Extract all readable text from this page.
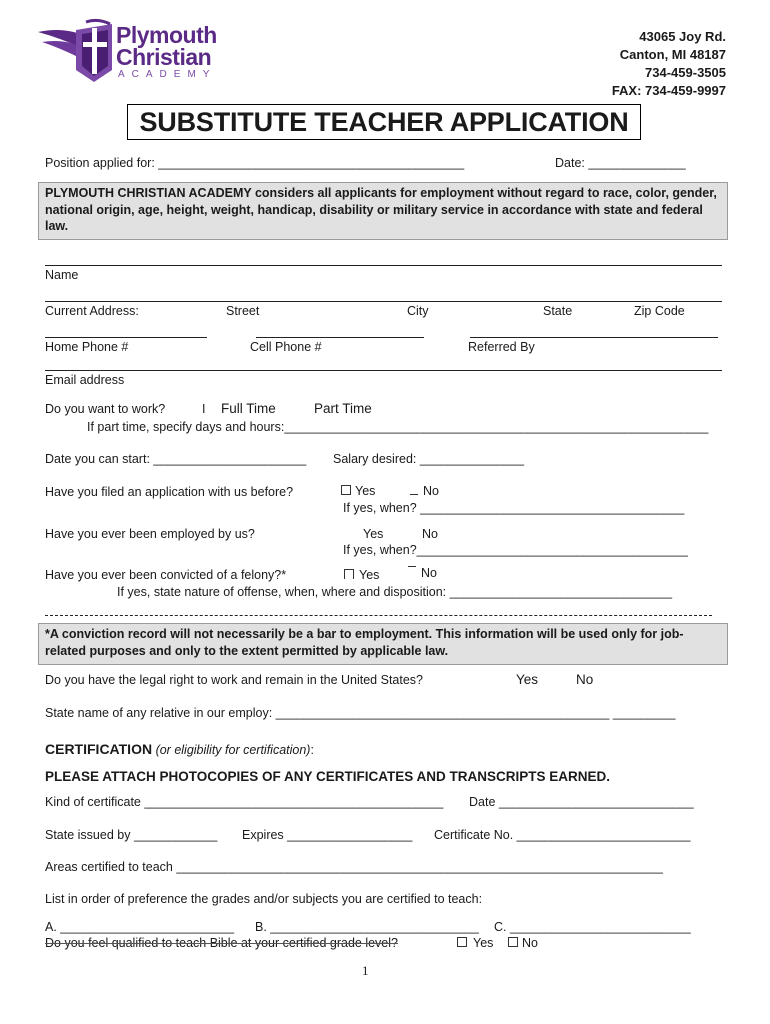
Plymouth
Christian
ACADEMY
43065 Joy Rd.
Canton, MI 48187
734-459-3505
FAX: 734-459-9997
SUBSTITUTE TEACHER APPLICATION
Position applied for: ____________________________________________	Date: ______________
PLYMOUTH CHRISTIAN ACADEMY considers all applicants for employment without regard to race, color, gender, national origin, age, height, weight, handicap, disability or military service in accordance with state and federal law.
Name
Current Address:	Street	City	State	Zip Code
Home Phone #	Cell Phone #	Referred By
Email address
Do you want to work?	I Full Time	Part Time
If part time, specify days and hours:_____________________________________________________________
Date you can start: ______________________ Salary desired: _______________
Have you filed an application with us before?	Yes	No
If yes, when? ______________________________________
Have you ever been employed by us?	Yes	No
If yes, when?_______________________________________
Have you ever been convicted of a felony?*	Yes	No
If yes, state nature of offense, when, where and disposition: ________________________________
*A conviction record will not necessarily be a bar to employment. This information will be used only for job-related purposes and only to the extent permitted by applicable law.
Do you have the legal right to work and remain in the United States?	Yes	No
State name of any relative in our employ: ________________________________________________ _________
CERTIFICATION (or eligibility for certification):
PLEASE ATTACH PHOTOCOPIES OF ANY CERTIFICATES AND TRANSCRIPTS EARNED.
Kind of certificate ___________________________________________ Date ____________________________
State issued by ____________ Expires __________________ Certificate No. _________________________
Areas certified to teach ______________________________________________________________________
List in order of preference the grades and/or subjects you are certified to teach:
A. _________________________ B. ______________________________ C. __________________________
Do you feel qualified to teach Bible at your certified grade level?	Yes	No
1
